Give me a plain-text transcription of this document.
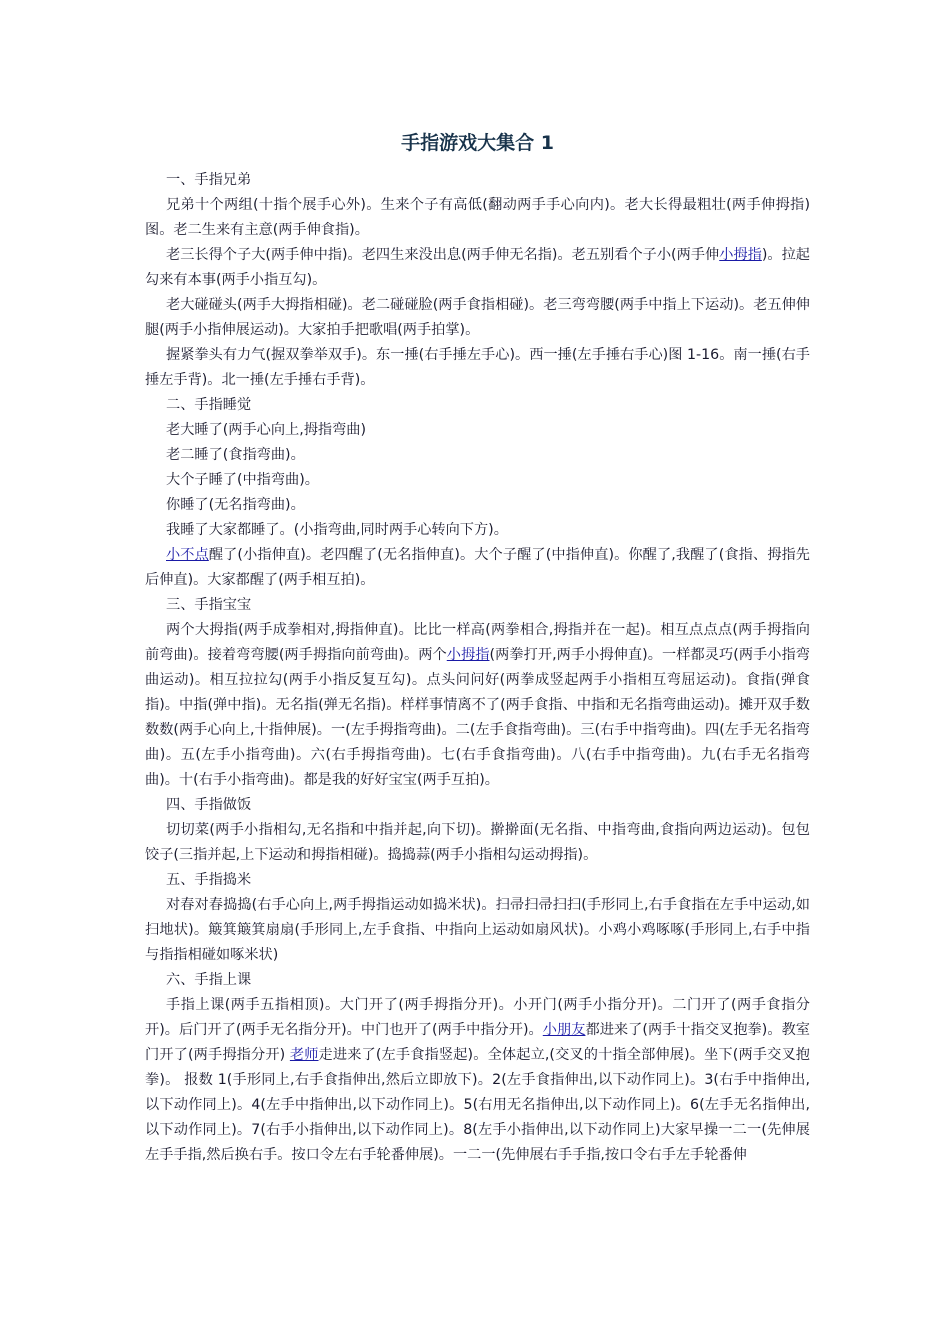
手指游戏大集合 1

一、手指兄弟

兄弟十个两组(十指个展手心外)。生来个子有高低(翻动两手手心向内)。老大长得最粗壮(两手伸拇指)图。老二生来有主意(两手伸食指)。

老三长得个子大(两手伸中指)。老四生来没出息(两手伸无名指)。老五别看个子小(两手伸小拇指)。拉起勾来有本事(两手小指互勾)。

老大碰碰头(两手大拇指相碰)。老二碰碰脸(两手食指相碰)。老三弯弯腰(两手中指上下运动)。老五伸伸腿(两手小指伸展运动)。大家拍手把歌唱(两手拍掌)。

握紧拳头有力气(握双拳举双手)。东一捶(右手捶左手心)。西一捶(左手捶右手心)图 1-16。南一捶(右手捶左手背)。北一捶(左手捶右手背)。

二、手指睡觉

老大睡了(两手心向上,拇指弯曲)

老二睡了(食指弯曲)。

大个子睡了(中指弯曲)。

你睡了(无名指弯曲)。

我睡了大家都睡了。(小指弯曲,同时两手心转向下方)。

小不点醒了(小指伸直)。老四醒了(无名指伸直)。大个子醒了(中指伸直)。你醒了,我醒了(食指、拇指先后伸直)。大家都醒了(两手相互拍)。

三、手指宝宝

两个大拇指(两手成拳相对,拇指伸直)。比比一样高(两拳相合,拇指并在一起)。相互点点点(两手拇指向前弯曲)。接着弯弯腰(两手拇指向前弯曲)。两个小拇指(两拳打开,两手小拇伸直)。一样都灵巧(两手小指弯曲运动)。相互拉拉勾(两手小指反复互勾)。点头问问好(两拳成竖起两手小指相互弯屈运动)。食指(弹食指)。中指(弹中指)。无名指(弹无名指)。样样事情离不了(两手食指、中指和无名指弯曲运动)。摊开双手数数数(两手心向上,十指伸展)。一(左手拇指弯曲)。二(左手食指弯曲)。三(右手中指弯曲)。四(左手无名指弯曲)。五(左手小指弯曲)。六(右手拇指弯曲)。七(右手食指弯曲)。八(右手中指弯曲)。九(右手无名指弯曲)。十(右手小指弯曲)。都是我的好好宝宝(两手互拍)。

四、手指做饭

切切菜(两手小指相勾,无名指和中指并起,向下切)。擀擀面(无名指、中指弯曲,食指向两边运动)。包包饺子(三指并起,上下运动和拇指相碰)。捣捣蒜(两手小指相勾运动拇指)。

五、手指捣米

对春对春捣捣(右手心向上,两手拇指运动如捣米状)。扫帚扫帚扫扫(手形同上,右手食指在左手中运动,如扫地状)。簸箕簸箕扇扇(手形同上,左手食指、中指向上运动如扇风状)。小鸡小鸡啄啄(手形同上,右手中指与指指相碰如啄米状)

六、手指上课

手指上课(两手五指相顶)。大门开了(两手拇指分开)。小开门(两手小指分开)。二门开了(两手食指分开)。后门开了(两手无名指分开)。中门也开了(两手中指分开)。小朋友都进来了(两手十指交叉抱拳)。教室门开了(两手拇指分开) 老师走进来了(左手食指竖起)。全体起立,(交叉的十指全部伸展)。坐下(两手交叉抱拳)。 报数 1(手形同上,右手食指伸出,然后立即放下)。2(左手食指伸出,以下动作同上)。3(右手中指伸出,以下动作同上)。4(左手中指伸出,以下动作同上)。5(右用无名指伸出,以下动作同上)。6(左手无名指伸出,以下动作同上)。7(右手小指伸出,以下动作同上)。8(左手小指伸出,以下动作同上)大家早操一二一(先伸展左手手指,然后换右手。按口令左右手轮番伸展)。一二一(先伸展右手手指,按口令右手左手轮番伸
